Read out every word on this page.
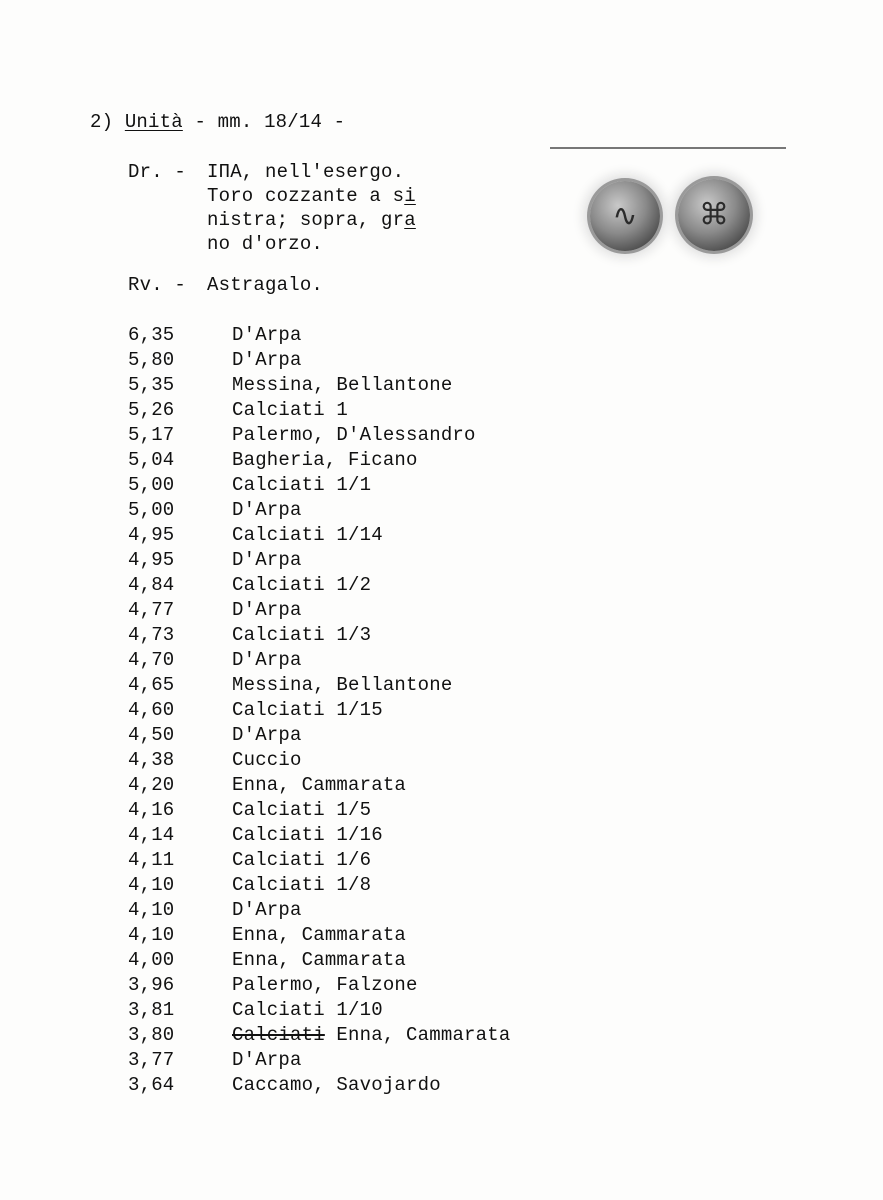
2) Unità - mm. 18/14 -
Dr. - IПA, nell'esergo.
Toro cozzante a si
nistra; sopra, gra
no d'orzo.
Rv. - Astragalo.
∿ ⌘
6,35	D'Arpa
5,80	D'Arpa
5,35	Messina, Bellantone
5,26	Calciati 1
5,17	Palermo, D'Alessandro
5,04	Bagheria, Ficano
5,00	Calciati 1/1
5,00	D'Arpa
4,95	Calciati 1/14
4,95	D'Arpa
4,84	Calciati 1/2
4,77	D'Arpa
4,73	Calciati 1/3
4,70	D'Arpa
4,65	Messina, Bellantone
4,60	Calciati 1/15
4,50	D'Arpa
4,38	Cuccio
4,20	Enna, Cammarata
4,16	Calciati 1/5
4,14	Calciati 1/16
4,11	Calciati 1/6
4,10	Calciati 1/8
4,10	D'Arpa
4,10	Enna, Cammarata
4,00	Enna, Cammarata
3,96	Palermo, Falzone
3,81	Calciati 1/10
3,80	Calciati Enna, Cammarata
3,77	D'Arpa
3,64	Caccamo, Savojardo
